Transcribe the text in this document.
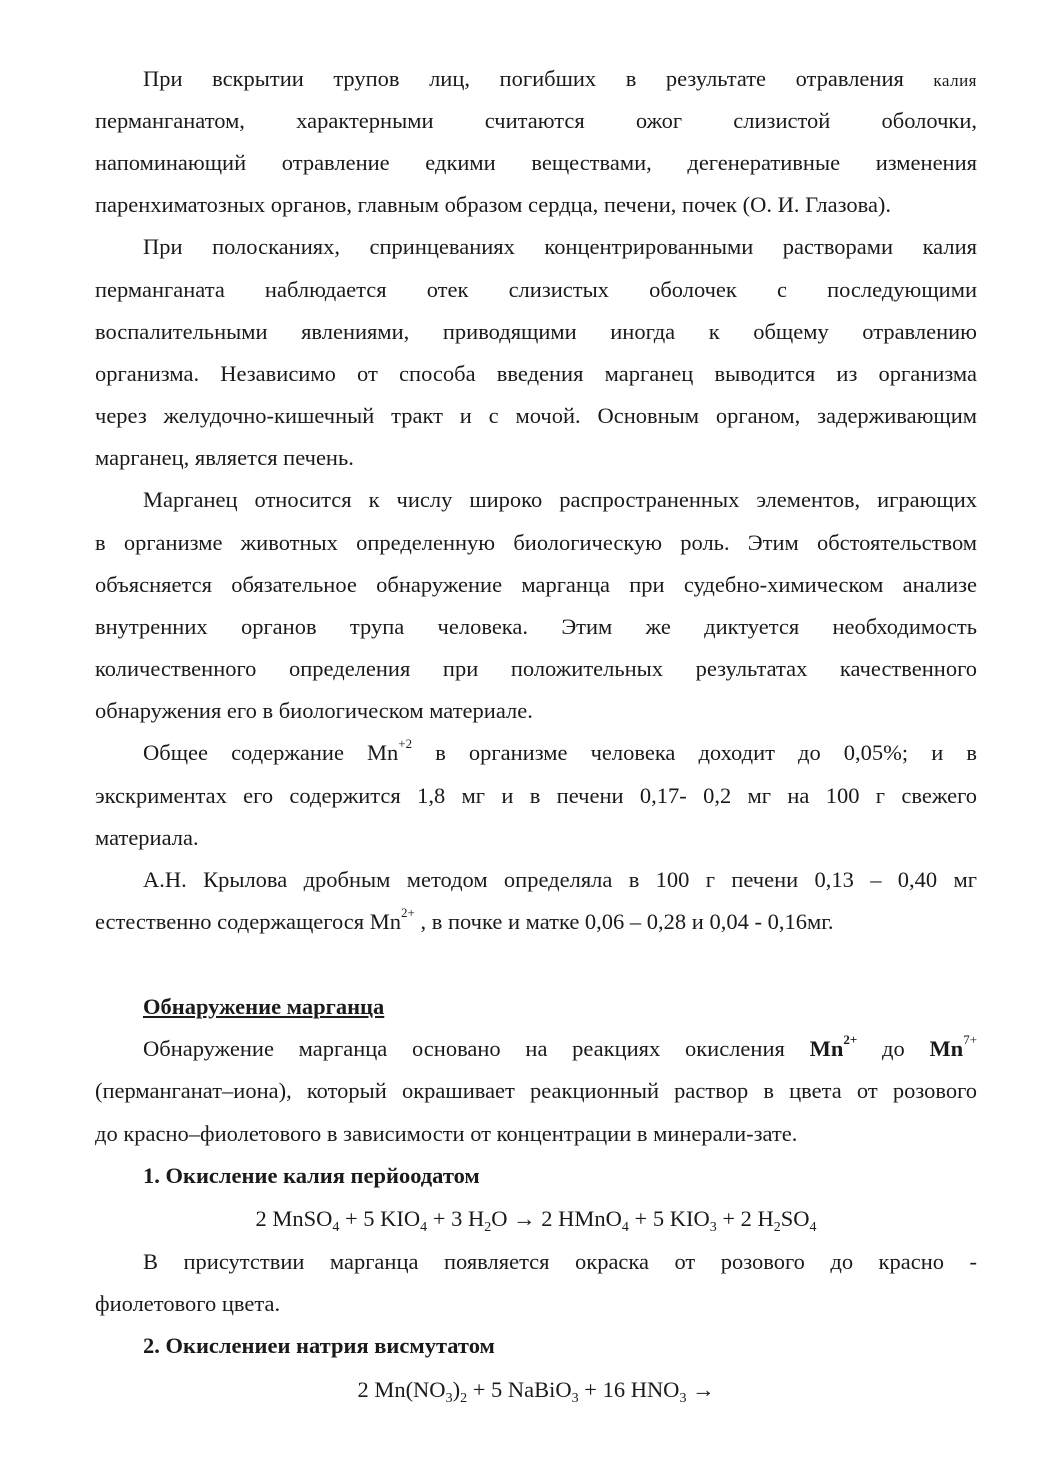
При вскрытии трупов лиц, погибших в результате отравления калия
перманганатом, характерными считаются ожог слизистой оболочки,
напоминающий отравление едкими веществами, дегенеративные изменения
паренхиматозных органов, главным образом сердца, печени, почек (О. И. Глазова).
При полосканиях, спринцеваниях концентрированными растворами калия
перманганата наблюдается отек слизистых оболочек с последующими
воспалительными явлениями, приводящими иногда к общему отравлению
организма. Независимо от способа введения марганец выводится из организма
через желудочно-кишечный тракт и с мочой. Основным органом, задерживающим
марганец, является печень.
Марганец относится к числу широко распространенных элементов, играющих
в организме животных определенную биологическую роль. Этим обстоятельством
объясняется обязательное обнаружение марганца при судебно-химическом анализе
внутренних органов трупа человека. Этим же диктуется необходимость
количественного определения при положительных результатах качественного
обнаружения его в биологическом материале.
Общее содержание $Mn^{+2}$ в организме человека доходит до 0,05%; и в
экскриментах его содержится 1,8 мг и в печени 0,17- 0,2 мг на 100 г свежего
материала.
А.Н. Крылова дробным методом определяла в 100 г печени 0,13 – 0,40 мг
естественно содержащегося $Mn^{2+}$ , в почке и матке 0,06 – 0,28 и 0,04 - 0,16мг.
Обнаружение марганца
Обнаружение марганца основано на реакциях окисления $Mn^{2+}$ до $Mn^{7+}$
(перманганат–иона), который окрашивает реакционный раствор в цвета от розового
до красно–фиолетового в зависимости от концентрации в минерали-зате.
1. Окисление калия перйоодатом
2 MnSO$_4$ + 5 $KIO_4 + 3$ $H_2O \to 2$ HMnO$_4$ + 5 $KIO_3 + 2$ $H_2SO_4$
В присутствии марганца появляется окраска от розового до красно -
фиолетового цвета.
2. Окислениеи натрия висмутатом
2 $Mn(NO_3)_2 + 5$ NaBiO$_3$ + 16 $HNO_3$ →
